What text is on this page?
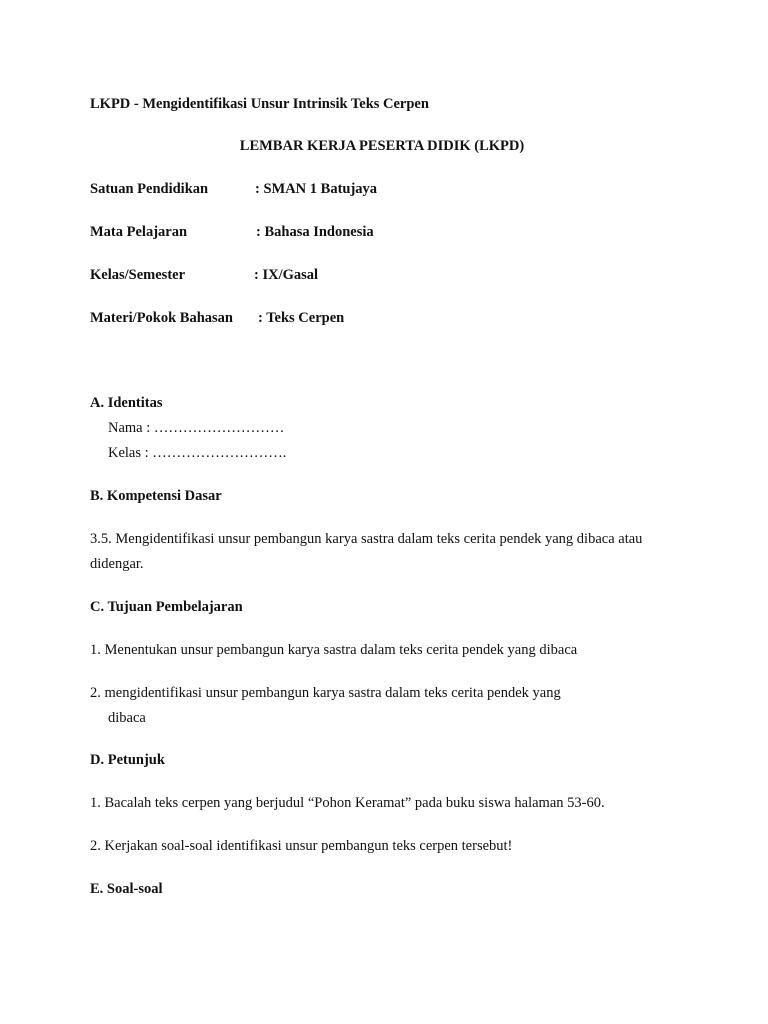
LKPD - Mengidentifikasi Unsur Intrinsik Teks Cerpen
LEMBAR KERJA PESERTA DIDIK (LKPD)
Satuan Pendidikan	: SMAN 1 Batujaya
Mata Pelajaran	: Bahasa Indonesia
Kelas/Semester	: IX/Gasal
Materi/Pokok Bahasan : Teks Cerpen
A. Identitas
Nama : ………………………
Kelas : ……………………….
B. Kompetensi Dasar
3.5. Mengidentifikasi unsur pembangun karya sastra dalam teks cerita pendek yang dibaca atau
didengar.
C. Tujuan Pembelajaran
1. Menentukan unsur pembangun karya sastra dalam teks cerita pendek yang dibaca
2. mengidentifikasi unsur pembangun karya sastra dalam teks cerita pendek yang
dibaca
D. Petunjuk
1. Bacalah teks cerpen yang berjudul “Pohon Keramat” pada buku siswa halaman 53-60.
2. Kerjakan soal-soal identifikasi unsur pembangun teks cerpen tersebut!
E. Soal-soal
